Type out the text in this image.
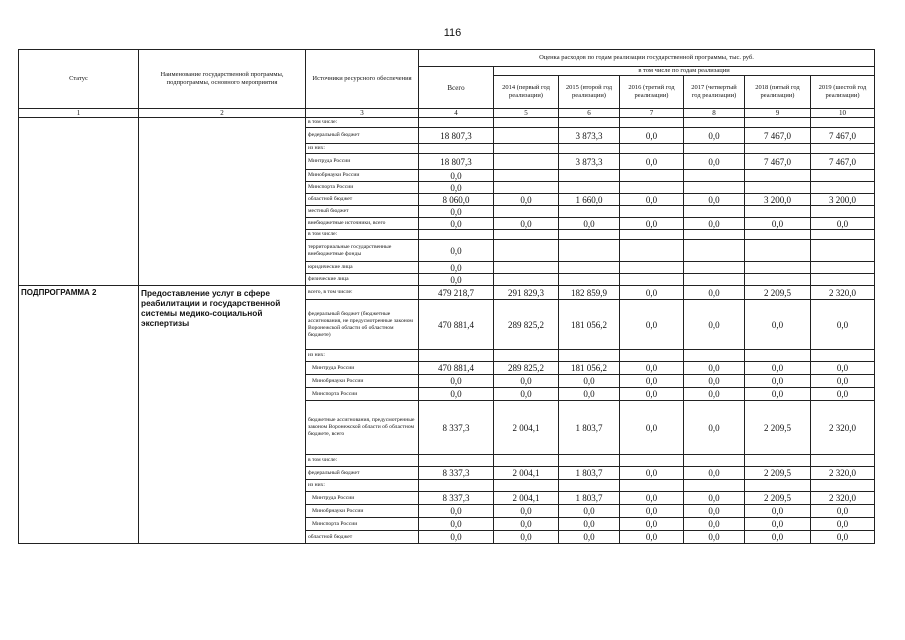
116
Статус	Наименование государственной программы, подпрограммы, основного мероприятия	Источники ресурсного обеспечения	Оценка расходов по годам реализации государственной программы, тыс. руб.						
			Всего	в том числе по годам реализации					
				2014 (первый год реализации)	2015 (второй год реализации)	2016 (третий год реализации)	2017 (четвертый год реализации)	2018 (пятый год реализации)	2019 (шестой год реализации)
1	2	3	4	5	6	7	8	9	10
		в том числе:							
		федеральный бюджет	18 807,3		3 873,3	0,0	0,0	7 467,0	7 467,0
		из них:							
		Минтруда России	18 807,3		3 873,3	0,0	0,0	7 467,0	7 467,0
		Минобрнауки России	0,0						
		Минспорта России	0,0						
		областной бюджет	8 060,0	0,0	1 660,0	0,0	0,0	3 200,0	3 200,0
		местный бюджет	0,0						
		внебюджетные источники, всего	0,0	0,0	0,0	0,0	0,0	0,0	0,0
		в том числе:							
		территориальные государственные внебюджетные фонды	0,0						
		юридические лица	0,0						
		физические лица	0,0						
ПОДПРОГРАММА 2	Предоставление услуг в сфере реабилитации и государственной системы медико-социальной экспертизы	всего, в том числе:	479 218,7	291 829,3	182 859,9	0,0	0,0	2 209,5	2 320,0
		федеральный бюджет (бюджетные ассигнования, не предусмотренные законом Воронежской области об областном бюджете)	470 881,4	289 825,2	181 056,2	0,0	0,0	0,0	0,0
		из них:							
		Минтруда России	470 881,4	289 825,2	181 056,2	0,0	0,0	0,0	0,0
		Минобрнауки России	0,0	0,0	0,0	0,0	0,0	0,0	0,0
		Минспорта России	0,0	0,0	0,0	0,0	0,0	0,0	0,0
		бюджетные ассигнования, предусмотренные законом Воронежской области об областном бюджете, всего	8 337,3	2 004,1	1 803,7	0,0	0,0	2 209,5	2 320,0
		в том числе:							
		федеральный бюджет	8 337,3	2 004,1	1 803,7	0,0	0,0	2 209,5	2 320,0
		из них:							
		Минтруда России	8 337,3	2 004,1	1 803,7	0,0	0,0	2 209,5	2 320,0
		Минобрнауки России	0,0	0,0	0,0	0,0	0,0	0,0	0,0
		Минспорта России	0,0	0,0	0,0	0,0	0,0	0,0	0,0
		областной бюджет	0,0	0,0	0,0	0,0	0,0	0,0	0,0
